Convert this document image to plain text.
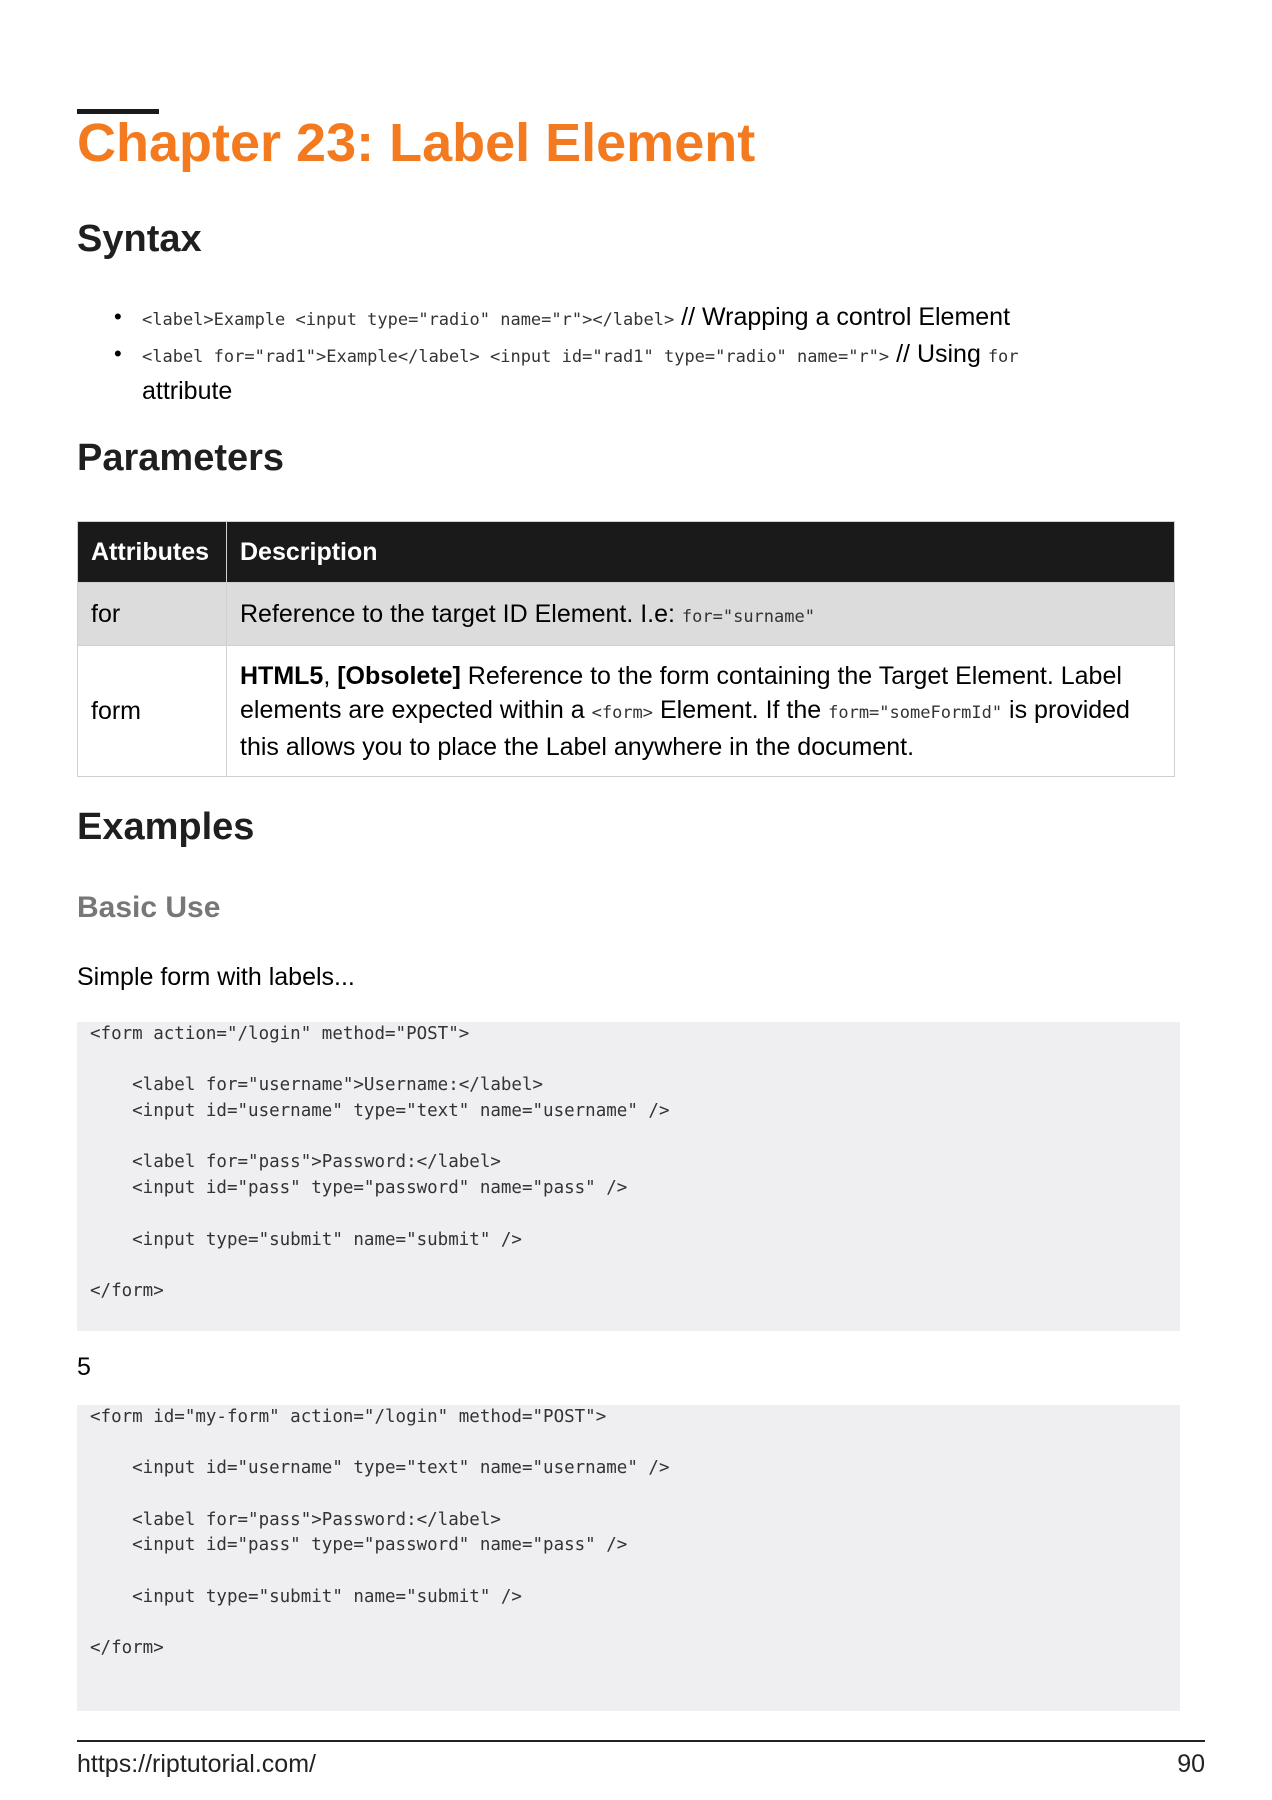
Chapter 23: Label Element
Syntax
• <label>Example <input type="radio" name="r"></label> // Wrapping a control Element
• <label for="rad1">Example</label> <input id="rad1" type="radio" name="r"> // Using for
attribute
Parameters
Attributes	Description
for	Reference to the target ID Element. I.e: for="surname"
form	HTML5, [Obsolete] Reference to the form containing the Target Element. Label elements are expected within a <form> Element. If the form="someFormId" is provided this allows you to place the Label anywhere in the document.
Examples
Basic Use

Simple form with labels...

<form action="/login" method="POST">
<label for="username">Username:</label>
<input id="username" type="text" name="username" />
<label for="pass">Password:</label>
<input id="pass" type="password" name="pass" />
<input type="submit" name="submit" />
</form>

5

<form id="my-form" action="/login" method="POST">
<input id="username" type="text" name="username" />
<label for="pass">Password:</label>
<input id="pass" type="password" name="pass" />
<input type="submit" name="submit" />
</form>
https://riptutorial.com/	90
